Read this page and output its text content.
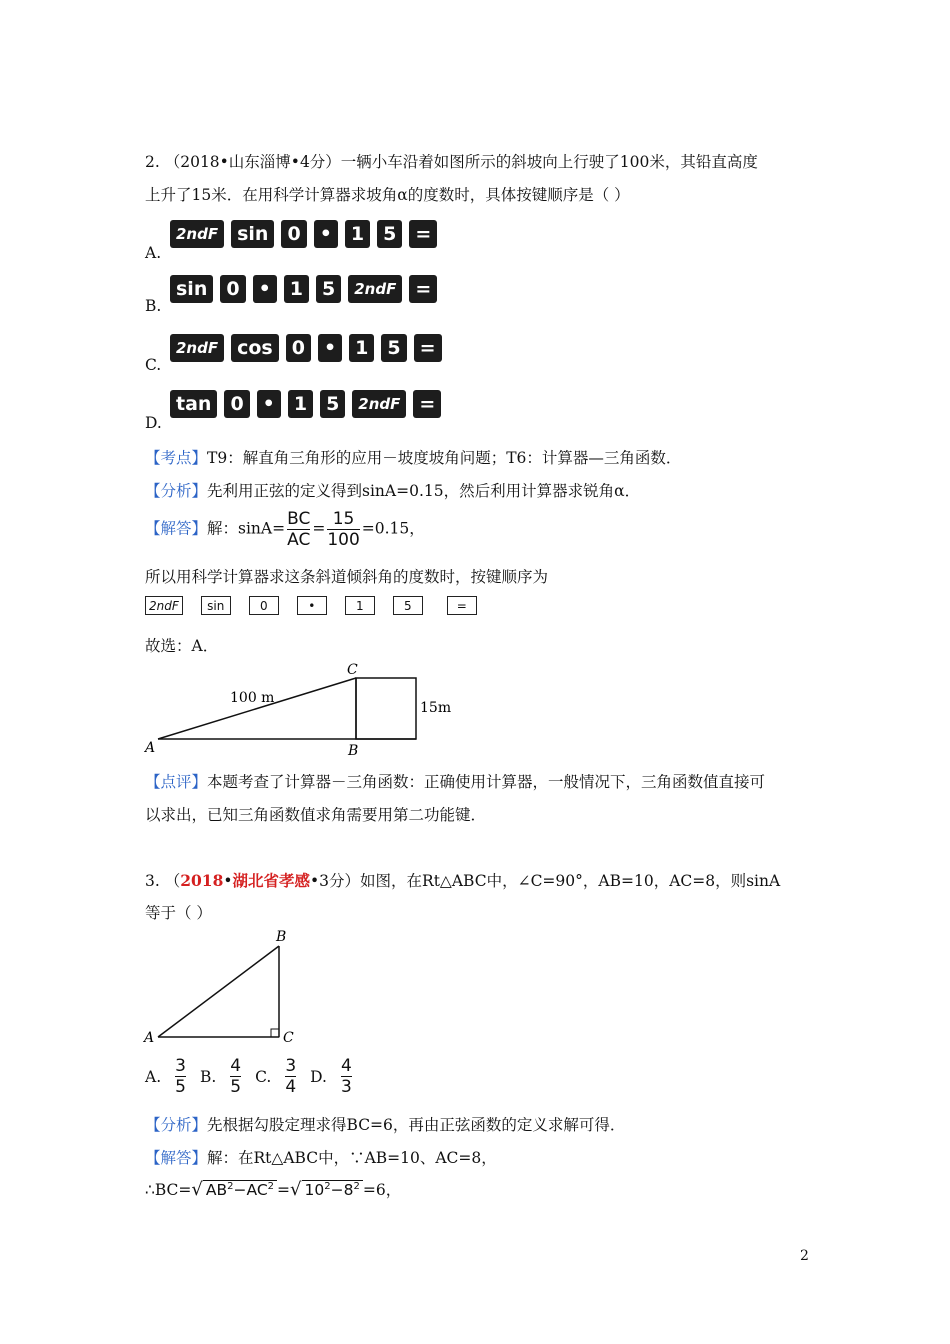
2. （2018•山东淄博•4分）一辆小车沿着如图所示的斜坡向上行驶了100米，其铅直高度
上升了15米．在用科学计算器求坡角α的度数时，具体按键顺序是（ ）
A.
2ndF	sin	0	•	1	5	=
B.
sin	0	•	1	5	2ndF	=
C.
2ndF	cos	0	•	1	5	=
D.
tan	0	•	1	5	2ndF	=
【考点】T9：解直角三角形的应用－坡度坡角问题；T6：计算器—三角函数．
【分析】先利用正弦的定义得到sinA=0.15，然后利用计算器求锐角α．
【解答】解：$\sin A= \frac{BC}{AC} = \frac{15}{100} =0.15$，
所以用科学计算器求这条斜道倾斜角的度数时，按键顺序为
2ndF	sin	0	•	1	5	=
故选：A．
A	B
C
100 m
15m
【点评】本题考查了计算器－三角函数：正确使用计算器，一般情况下，三角函数值直接可
以求出，已知三角函数值求角需要用第二功能键．
3. （2018•湖北省孝感•3分）如图，在Rt△ABC中，∠C=90°，AB=10，AC=8，则sinA
等于（ ）
A
B
C
A. $\frac{3}{5} B$. $\frac{4}{5} C$. $\frac{3}{4} D$. $\frac{4}{3}$
【分析】先根据勾股定理求得BC=6，再由正弦函数的定义求解可得．
【解答】解：在Rt△ABC中，∵AB=10、AC=8，
∴BC=√ $AB^2-AC^2$ =√ $10^2-8^2 =6$，
2
